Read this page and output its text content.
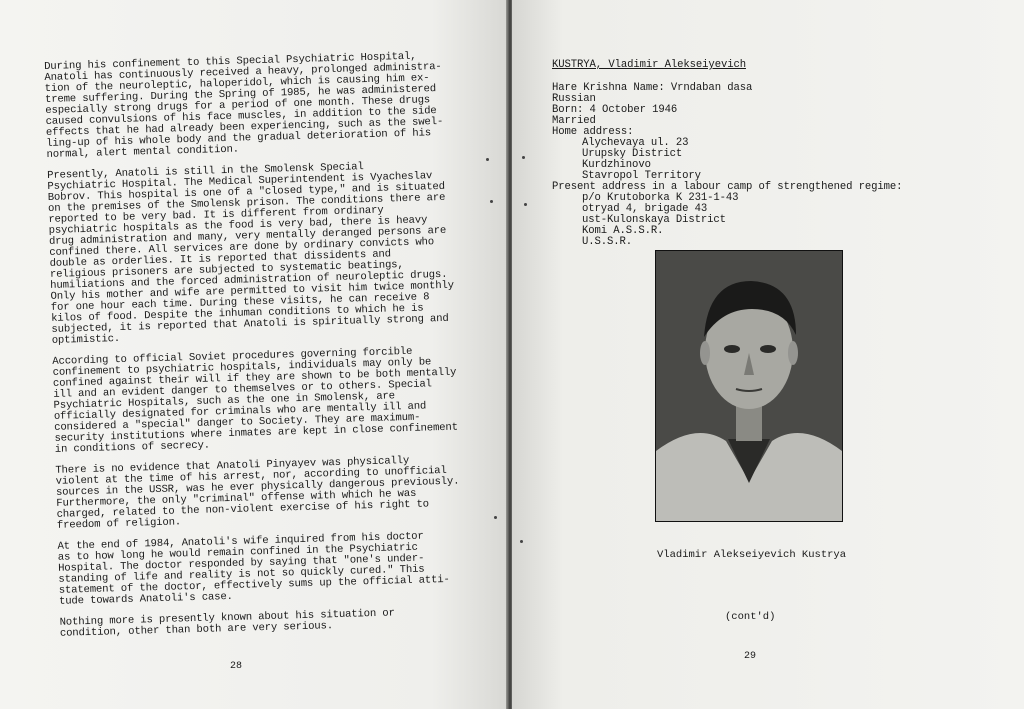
During his confinement to this Special Psychiatric Hospital,
Anatoli has continuously received a heavy, prolonged administra-
tion of the neuroleptic, haloperidol, which is causing him ex-
treme suffering. During the Spring of 1985, he was administered
especially strong drugs for a period of one month. These drugs
caused convulsions of his face muscles, in addition to the side
effects that he had already been experiencing, such as the swel-
ling-up of his whole body and the gradual deterioration of his
normal, alert mental condition.

Presently, Anatoli is still in the Smolensk Special
Psychiatric Hospital. The Medical Superintendent is Vyacheslav
Bobrov. This hospital is one of a "closed type," and is situated
on the premises of the Smolensk prison. The conditions there are
reported to be very bad. It is different from ordinary
psychiatric hospitals as the food is very bad, there is heavy
drug administration and many, very mentally deranged persons are
confined there. All services are done by ordinary convicts who
double as orderlies. It is reported that dissidents and
religious prisoners are subjected to systematic beatings,
humiliations and the forced administration of neuroleptic drugs.
Only his mother and wife are permitted to visit him twice monthly
for one hour each time. During these visits, he can receive 8
kilos of food. Despite the inhuman conditions to which he is
subjected, it is reported that Anatoli is spiritually strong and
optimistic.

According to official Soviet procedures governing forcible
confinement to psychiatric hospitals, individuals may only be
confined against their will if they are shown to be both mentally
ill and an evident danger to themselves or to others. Special
Psychiatric Hospitals, such as the one in Smolensk, are
officially designated for criminals who are mentally ill and
considered a "special" danger to Society. They are maximum-
security institutions where inmates are kept in close confinement
in conditions of secrecy.

There is no evidence that Anatoli Pinyayev was physically
violent at the time of his arrest, nor, according to unofficial
sources in the USSR, was he ever physically dangerous previously.
Furthermore, the only "criminal" offense with which he was
charged, related to the non-violent exercise of his right to
freedom of religion.

At the end of 1984, Anatoli's wife inquired from his doctor
as to how long he would remain confined in the Psychiatric
Hospital. The doctor responded by saying that "one's under-
standing of life and reality is not so quickly cured." This
statement of the doctor, effectively sums up the official atti-
tude towards Anatoli's case.

Nothing more is presently known about his situation or
condition, other than both are very serious.

28
KUSTRYA, Vladimir Alekseiyevich
Hare Krishna Name: Vrndaban dasa
Russian
Born: 4 October 1946
Married
Home address:
Alychevaya ul. 23
Urupsky District
Kurdzhinovo
Stavropol Territory
Present address in a labour camp of strengthened regime:
p/o Krutoborka K 231-1-43
otryad 4, brigade 43
ust-Kulonskaya District
Komi A.S.S.R.
U.S.S.R.
Vladimir Alekseiyevich Kustrya
(cont'd)
29
